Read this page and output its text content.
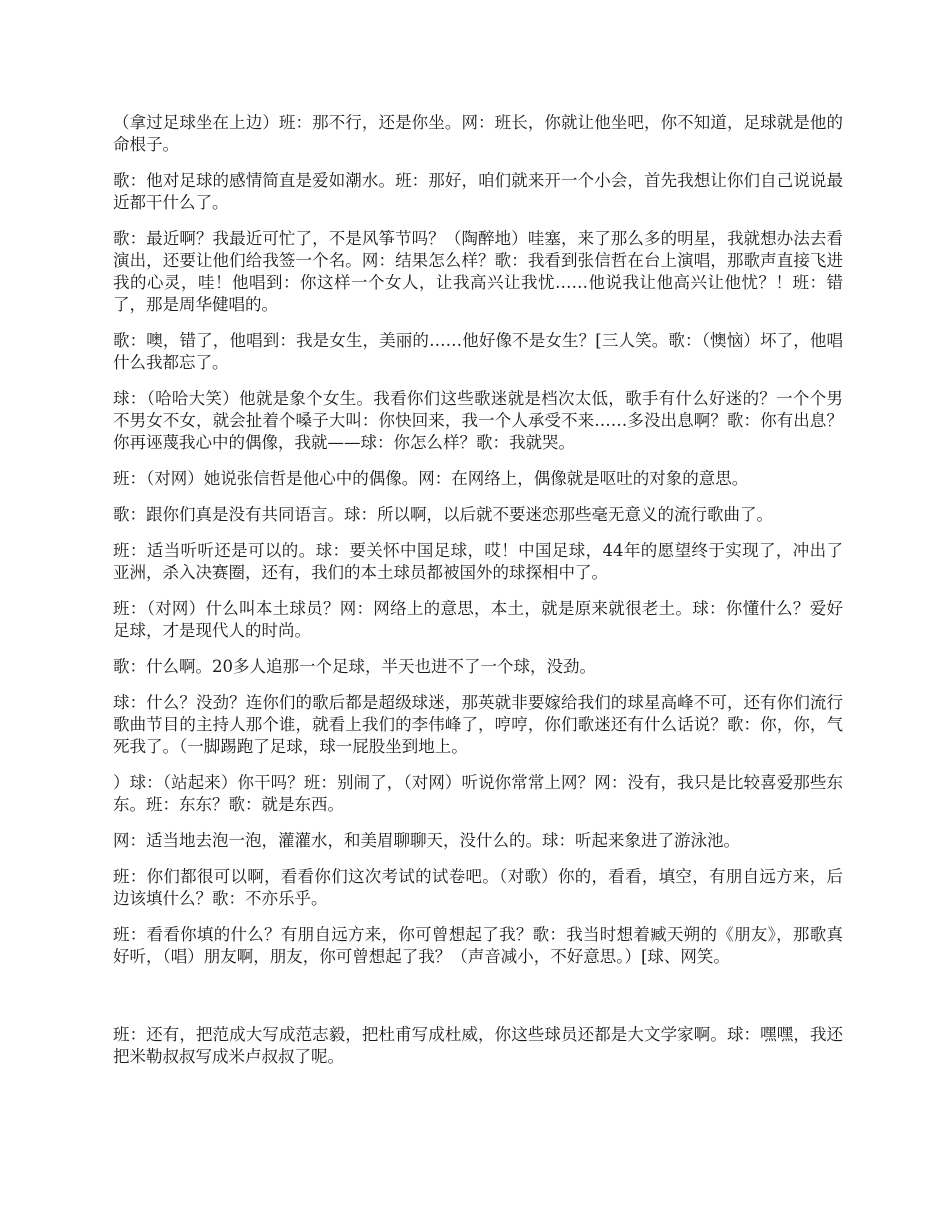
（拿过足球坐在上边）班：那不行，还是你坐。网：班长，你就让他坐吧，你不知道，足球就是他的命根子。

歌：他对足球的感情简直是爱如潮水。班：那好，咱们就来开一个小会，首先我想让你们自己说说最近都干什么了。

歌：最近啊？我最近可忙了，不是风筝节吗？（陶醉地）哇塞，来了那么多的明星，我就想办法去看演出，还要让他们给我签一个名。网：结果怎么样？歌：我看到张信哲在台上演唱，那歌声直接飞进我的心灵，哇！他唱到：你这样一个女人，让我高兴让我忧……他说我让他高兴让他忧？！班：错了，那是周华健唱的。

歌：噢，错了，他唱到：我是女生，美丽的……他好像不是女生？[三人笑。歌：（懊恼）坏了，他唱什么我都忘了。

球：（哈哈大笑）他就是象个女生。我看你们这些歌迷就是档次太低，歌手有什么好迷的？一个个男不男女不女，就会扯着个嗓子大叫：你快回来，我一个人承受不来……多没出息啊？歌：你有出息？你再诬蔑我心中的偶像，我就——球：你怎么样？歌：我就哭。

班：（对网）她说张信哲是他心中的偶像。网：在网络上，偶像就是呕吐的对象的意思。

歌：跟你们真是没有共同语言。球：所以啊，以后就不要迷恋那些毫无意义的流行歌曲了。

班：适当听听还是可以的。球：要关怀中国足球，哎！中国足球，44年的愿望终于实现了，冲出了亚洲，杀入决赛圈，还有，我们的本土球员都被国外的球探相中了。

班：（对网）什么叫本土球员？网：网络上的意思，本土，就是原来就很老土。球：你懂什么？爱好足球，才是现代人的时尚。

歌：什么啊。20多人追那一个足球，半天也进不了一个球，没劲。

球：什么？没劲？连你们的歌后都是超级球迷，那英就非要嫁给我们的球星高峰不可，还有你们流行歌曲节目的主持人那个谁，就看上我们的李伟峰了，哼哼，你们歌迷还有什么话说？歌：你，你，气死我了。（一脚踢跑了足球，球一屁股坐到地上。

）球：（站起来）你干吗？班：别闹了，（对网）听说你常常上网？网：没有，我只是比较喜爱那些东东。班：东东？歌：就是东西。

网：适当地去泡一泡，灌灌水，和美眉聊聊天，没什么的。球：听起来象进了游泳池。

班：你们都很可以啊，看看你们这次考试的试卷吧。（对歌）你的，看看，填空，有朋自远方来，后边该填什么？歌：不亦乐乎。

班：看看你填的什么？有朋自远方来，你可曾想起了我？歌：我当时想着臧天朔的《朋友》，那歌真好听，（唱）朋友啊，朋友，你可曾想起了我？（声音减小，不好意思。）[球、网笑。

班：还有，把范成大写成范志毅，把杜甫写成杜威，你这些球员还都是大文学家啊。球：嘿嘿，我还把米勒叔叔写成米卢叔叔了呢。
